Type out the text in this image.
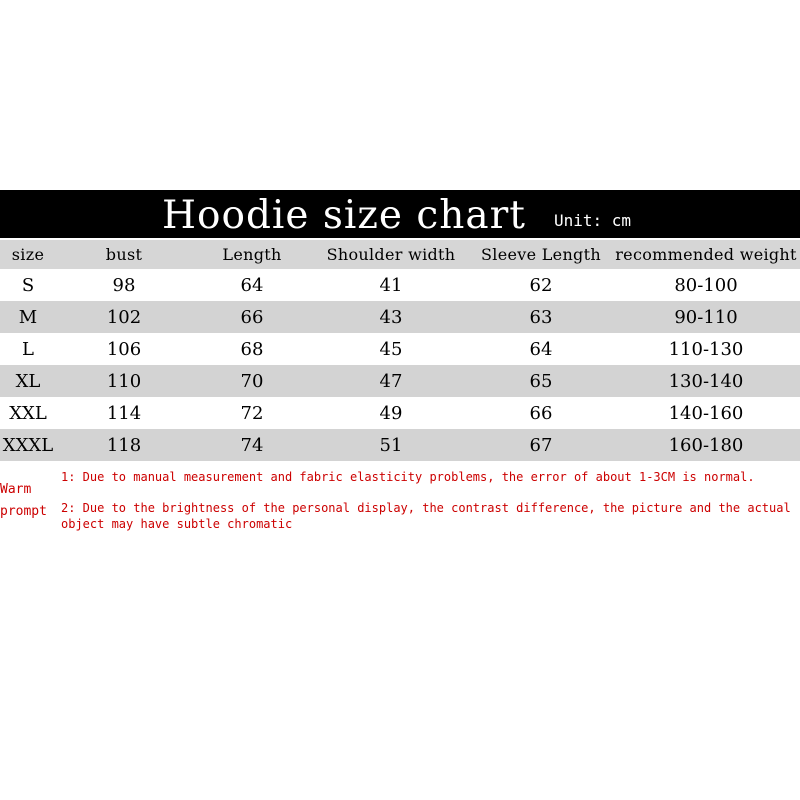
Hoodie size chart Unit: cm
size	bust	Length	Shoulder width	Sleeve Length	recommended weight
S	98	64	41	62	80-100
M	102	66	43	63	90-110
L	106	68	45	64	110-130
XL	110	70	47	65	130-140
XXL	114	72	49	66	140-160
XXXL	118	74	51	67	160-180
Warm
prompt
1: Due to manual measurement and fabric elasticity problems, the error of about 1-3CM is normal.
2: Due to the brightness of the personal display, the contrast difference, the picture and the actual object may have subtle chromatic
